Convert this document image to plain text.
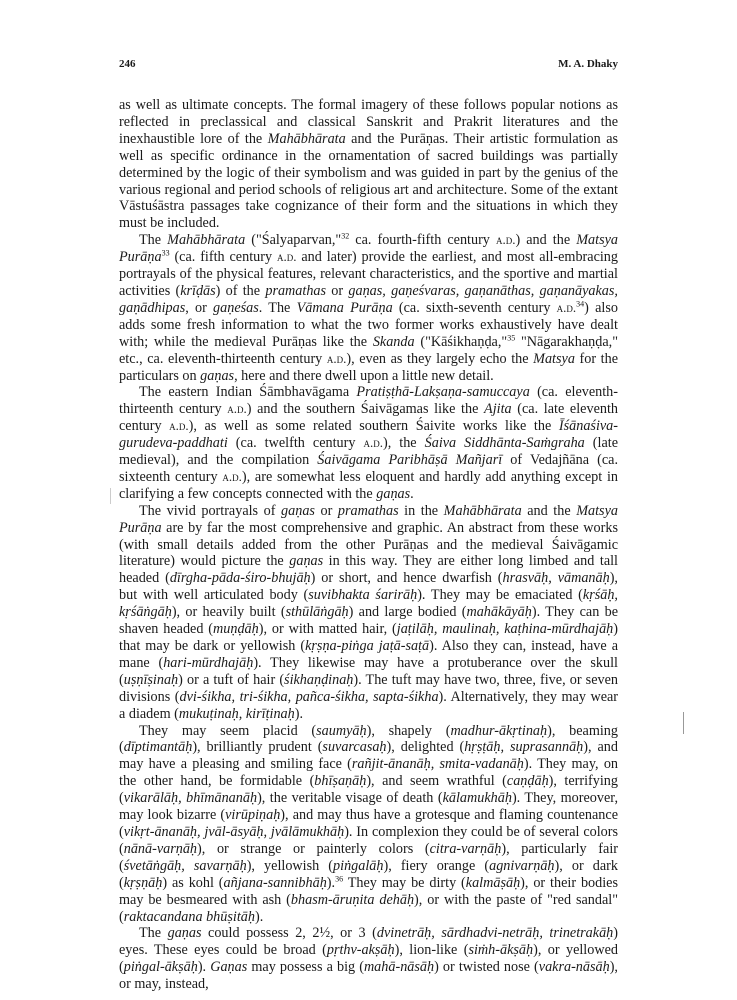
246	M. A. Dhaky

as well as ultimate concepts. The formal imagery of these follows popular notions as reflected in preclassical and classical Sanskrit and Prakrit literatures and the inexhaustible lore of the Mahābhārata and the Purāṇas. Their artistic formulation as well as specific ordinance in the ornamentation of sacred buildings was partially determined by the logic of their symbolism and was guided in part by the genius of the various regional and period schools of religious art and architecture. Some of the extant Vāstuśāstra passages take cognizance of their form and the situations in which they must be included.

The Mahābhārata ("Śalyaparvan,"$^{32}$ ca. fourth-fifth century a.d.) and the Matsya Purāṇa$^{33}$ (ca. fifth century a.d. and later) provide the earliest, and most all-embracing portrayals of the physical features, relevant characteristics, and the sportive and martial activities (krīḍās) of the pramathas or gaṇas, gaṇeśvaras, gaṇanāthas, gaṇanāyakas, gaṇādhipas, or gaṇeśas. The Vāmana Purāṇa (ca. sixth-seventh century a.d.$^{34}$) also adds some fresh information to what the two former works exhaustively have dealt with; while the medieval Purāṇas like the Skanda ("Kāśikhaṇḍa,"$^{35}$ "Nāgarakhaṇḍa," etc., ca. eleventh-thirteenth century a.d.), even as they largely echo the Matsya for the particulars on gaṇas, here and there dwell upon a little new detail.

The eastern Indian Śāmbhavāgama Pratiṣṭhā-Lakṣaṇa-samuccaya (ca. eleventh-thirteenth century a.d.) and the southern Śaivāgamas like the Ajita (ca. late eleventh century a.d.), as well as some related southern Śaivite works like the Īśānaśiva-gurudeva-paddhati (ca. twelfth century a.d.), the Śaiva Siddhānta-Saṁgraha (late medieval), and the compilation Śaivāgama Paribhāṣā Mañjarī of Vedajñāna (ca. sixteenth century a.d.), are somewhat less eloquent and hardly add anything except in clarifying a few concepts connected with the gaṇas.

The vivid portrayals of gaṇas or pramathas in the Mahābhārata and the Matsya Purāṇa are by far the most comprehensive and graphic. An abstract from these works (with small details added from the other Purāṇas and the medieval Śaivāgamic literature) would picture the gaṇas in this way. They are either long limbed and tall headed (dīrgha-pāda-śiro-bhujāḥ) or short, and hence dwarfish (hrasvāḥ, vāmanāḥ), but with well articulated body (suvibhakta śarirāḥ). They may be emaciated (kṛśāḥ, kṛśāṅgāḥ), or heavily built (sthūlāṅgāḥ) and large bodied (mahākāyāḥ). They can be shaven headed (muṇḍāḥ), or with matted hair, (jaṭilāḥ, maulinaḥ, kaṭhina-mūrdhajāḥ) that may be dark or yellowish (kṛṣṇa-piṅga jaṭā-saṭā). Also they can, instead, have a mane (hari-mūrdhajāḥ). They likewise may have a protuberance over the skull (uṣṇīṣinaḥ) or a tuft of hair (śikhaṇḍinaḥ). The tuft may have two, three, five, or seven divisions (dvi-śikha, tri-śikha, pañca-śikha, sapta-śikha). Alternatively, they may wear a diadem (mukuṭinaḥ, kirīṭinaḥ).

They may seem placid (saumyāḥ), shapely (madhur-ākṛtinaḥ), beaming (dīptimantāḥ), brilliantly prudent (suvarcasaḥ), delighted (hṛṣṭāḥ, suprasannāḥ), and may have a pleasing and smiling face (rañjit-ānanāḥ, smita-vadanāḥ). They may, on the other hand, be formidable (bhīṣaṇāḥ), and seem wrathful (caṇḍāḥ), terrifying (vikarālāḥ, bhīmānanāḥ), the veritable visage of death (kālamukhāḥ). They, moreover, may look bizarre (virūpiṇaḥ), and may thus have a grotesque and flaming countenance (vikṛt-ānanāḥ, jvāl-āsyāḥ, jvālāmukhāḥ). In complexion they could be of several colors (nānā-varṇāḥ), or strange or painterly colors (citra-varṇāḥ), particularly fair (śvetāṅgāḥ, savarṇāḥ), yellowish (piṅgalāḥ), fiery orange (agnivarṇāḥ), or dark (kṛṣṇāḥ) as kohl (añjana-sannibhāḥ).$^{36}$ They may be dirty (kalmāṣāḥ), or their bodies may be besmeared with ash (bhasm-āruṇita dehāḥ), or with the paste of "red sandal" (raktacandana bhūṣitāḥ).

The gaṇas could possess 2, 2½, or 3 (dvinetrāḥ, sārdhadvi-netrāḥ, trinetrakāḥ) eyes. These eyes could be broad (pṛthv-akṣāḥ), lion-like (siṁh-ākṣāḥ), or yellowed (piṅgal-ākṣāḥ). Gaṇas may possess a big (mahā-nāsāḥ) or twisted nose (vakra-nāsāḥ), or may, instead,
